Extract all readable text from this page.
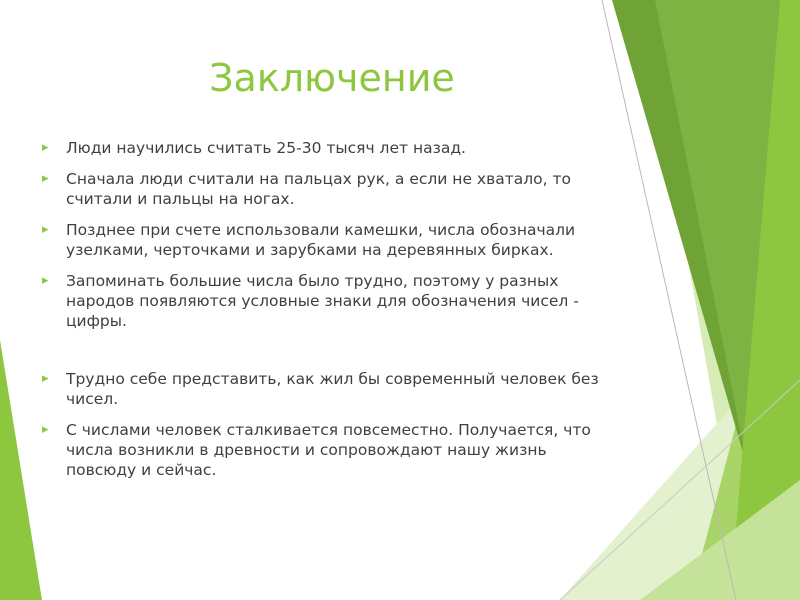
Заключение
▸ Люди научились считать 25-30 тысяч лет назад.
▸ Сначала люди считали на пальцах рук, а если не хватало, то считали и пальцы на ногах.
▸ Позднее при счете использовали камешки, числа обозначали узелками, черточками и зарубками на деревянных бирках.
▸ Запоминать большие числа было трудно, поэтому у разных народов появляются условные знаки для обозначения чисел - цифры.
▸ Трудно себе представить, как жил бы современный человек без чисел.
▸ С числами человек сталкивается повсеместно. Получается, что числа возникли в древности и сопровождают нашу жизнь повсюду и сейчас.
